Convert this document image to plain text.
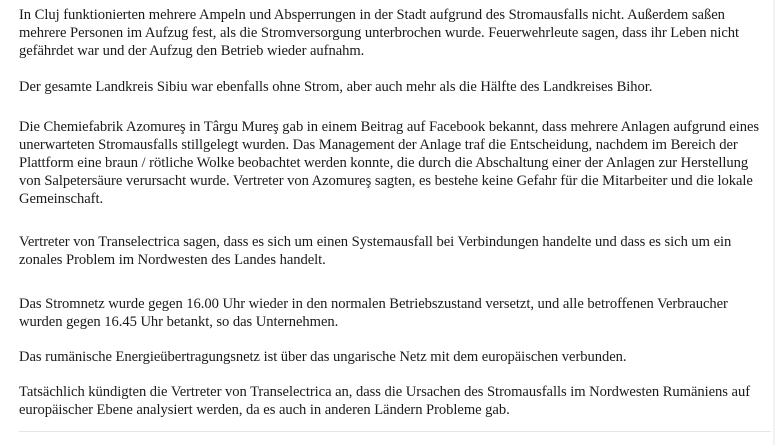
In Cluj funktionierten mehrere Ampeln und Absperrungen in der Stadt aufgrund des Stromausfalls nicht. Außerdem saßen mehrere Personen im Aufzug fest, als die Stromversorgung unterbrochen wurde. Feuerwehrleute sagen, dass ihr Leben nicht gefährdet war und der Aufzug den Betrieb wieder aufnahm.

Der gesamte Landkreis Sibiu war ebenfalls ohne Strom, aber auch mehr als die Hälfte des Landkreises Bihor.

Die Chemiefabrik Azomureş in Târgu Mureş gab in einem Beitrag auf Facebook bekannt, dass mehrere Anlagen aufgrund eines unerwarteten Stromausfalls stillgelegt wurden. Das Management der Anlage traf die Entscheidung, nachdem im Bereich der Plattform eine braun / rötliche Wolke beobachtet werden konnte, die durch die Abschaltung einer der Anlagen zur Herstellung von Salpetersäure verursacht wurde. Vertreter von Azomureş sagten, es bestehe keine Gefahr für die Mitarbeiter und die lokale Gemeinschaft.

Vertreter von Transelectrica sagen, dass es sich um einen Systemausfall bei Verbindungen handelte und dass es sich um ein zonales Problem im Nordwesten des Landes handelt.

Das Stromnetz wurde gegen 16.00 Uhr wieder in den normalen Betriebszustand versetzt, und alle betroffenen Verbraucher wurden gegen 16.45 Uhr betankt, so das Unternehmen.

Das rumänische Energieübertragungsnetz ist über das ungarische Netz mit dem europäischen verbunden.

Tatsächlich kündigten die Vertreter von Transelectrica an, dass die Ursachen des Stromausfalls im Nordwesten Rumäniens auf europäischer Ebene analysiert werden, da es auch in anderen Ländern Probleme gab.
